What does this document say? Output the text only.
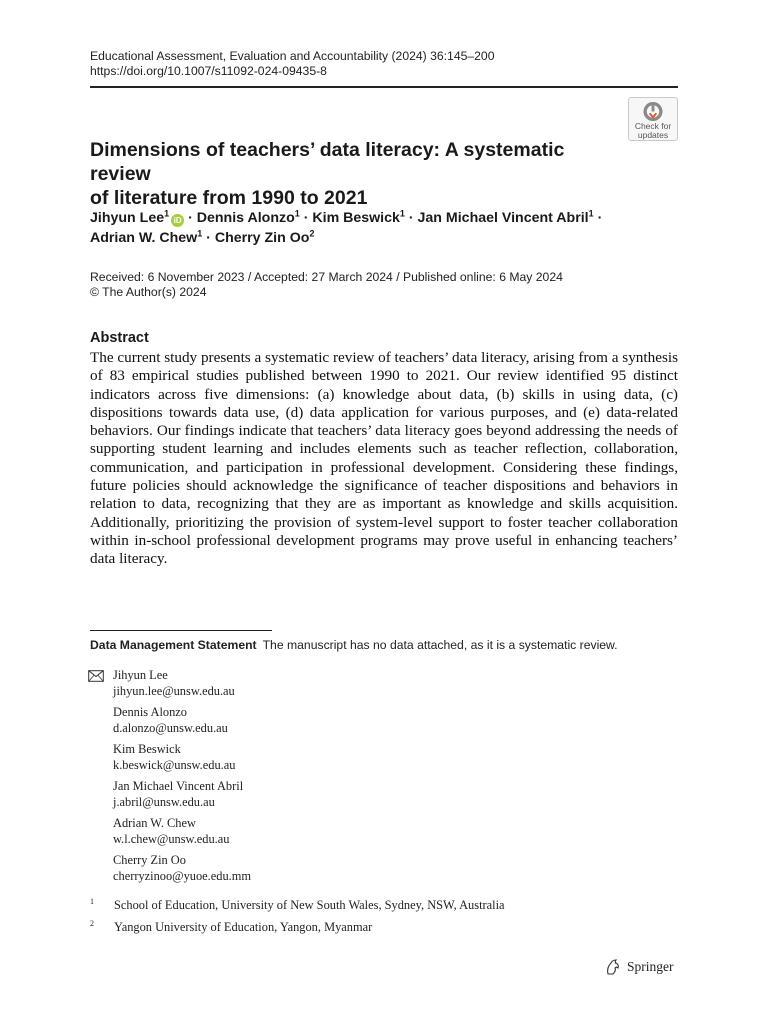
Educational Assessment, Evaluation and Accountability (2024) 36:145–200
https://doi.org/10.1007/s11092-024-09435-8
Check for
updates
Dimensions of teachers’ data literacy: A systematic review
of literature from 1990 to 2021
Jihyun Lee$^1$iD · Dennis Alonzo$^1$ · Kim Beswick$^1$ · Jan Michael Vincent Abril$^1$ ·
Adrian W. Chew$^1$ · Cherry Zin Oo$^2$
Received: 6 November 2023 / Accepted: 27 March 2024 / Published online: 6 May 2024
© The Author(s) 2024
Abstract

The current study presents a systematic review of teachers’ data literacy, arising from a synthesis of 83 empirical studies published between 1990 to 2021. Our review identified 95 distinct indicators across five dimensions: (a) knowledge about data, (b) skills in using data, (c) dispositions towards data use, (d) data application for various purposes, and (e) data-related behaviors. Our findings indicate that teachers’ data literacy goes beyond addressing the needs of supporting student learning and includes elements such as teacher reflection, collaboration, communication, and participation in professional development. Considering these findings, future policies should acknowledge the significance of teacher dispositions and behaviors in relation to data, recognizing that they are as important as knowledge and skills acquisition. Additionally, prioritizing the provision of system-level support to foster teacher collaboration within in-school professional development programs may prove useful in enhancing teachers’ data literacy.

Data Management Statement The manuscript has no data attached, as it is a systematic review.
Jihyun Lee
jihyun.lee@unsw.edu.au
Dennis Alonzo
d.alonzo@unsw.edu.au
Kim Beswick
k.beswick@unsw.edu.au
Jan Michael Vincent Abril
j.abril@unsw.edu.au
Adrian W. Chew
w.l.chew@unsw.edu.au
Cherry Zin Oo
cherryzinoo@yuoe.edu.mm
1 School of Education, University of New South Wales, Sydney, NSW, Australia
2 Yangon University of Education, Yangon, Myanmar
Springer
